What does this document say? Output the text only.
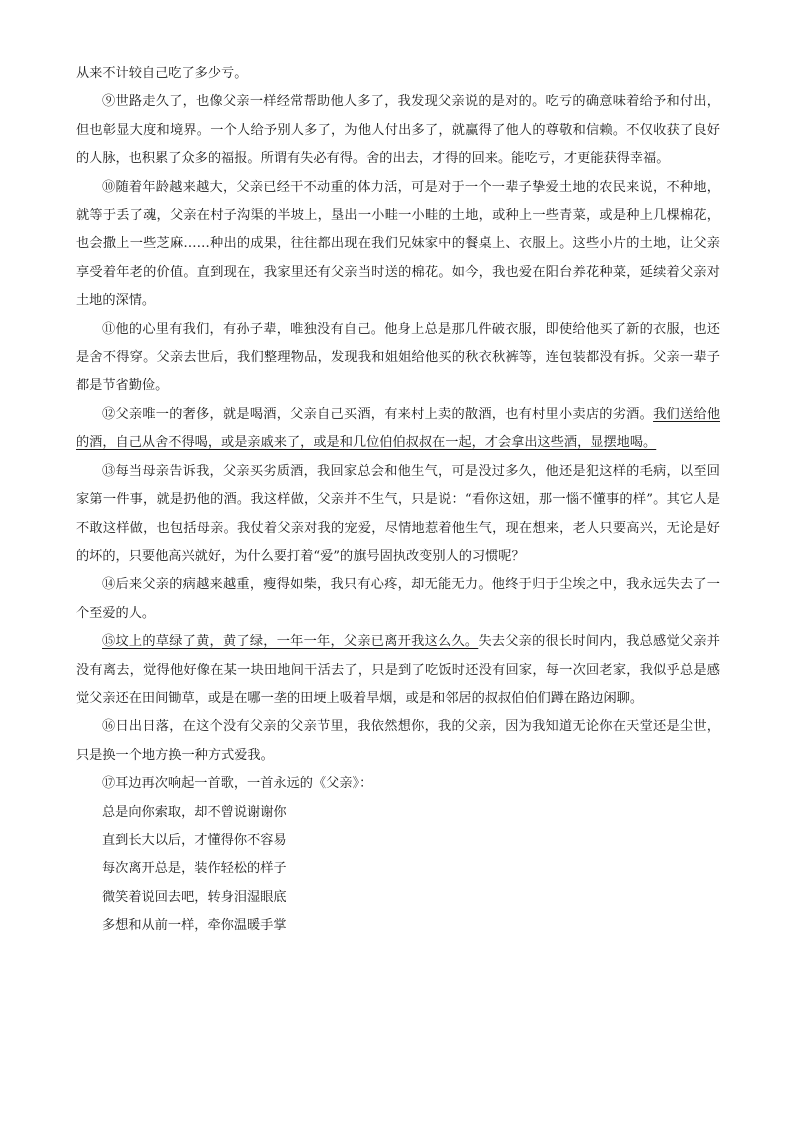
从来不计较自己吃了多少亏。

⑨世路走久了，也像父亲一样经常帮助他人多了，我发现父亲说的是对的。吃亏的确意味着给予和付出，但也彰显大度和境界。一个人给予别人多了，为他人付出多了，就赢得了他人的尊敬和信赖。不仅收获了良好的人脉，也积累了众多的福报。所谓有失必有得。舍的出去，才得的回来。能吃亏，才更能获得幸福。

⑩随着年龄越来越大，父亲已经干不动重的体力活，可是对于一个一辈子挚爱土地的农民来说，不种地，就等于丢了魂，父亲在村子沟渠的半坡上，垦出一小畦一小畦的土地，或种上一些青菜，或是种上几棵棉花，也会撒上一些芝麻……种出的成果，往往都出现在我们兄妹家中的餐桌上、衣服上。这些小片的土地，让父亲享受着年老的价值。直到现在，我家里还有父亲当时送的棉花。如今，我也爱在阳台养花种菜，延续着父亲对土地的深情。

⑪他的心里有我们，有孙子辈，唯独没有自己。他身上总是那几件破衣服，即使给他买了新的衣服，也还是舍不得穿。父亲去世后，我们整理物品，发现我和姐姐给他买的秋衣秋裤等，连包装都没有拆。父亲一辈子都是节省勤俭。

⑫父亲唯一的奢侈，就是喝酒，父亲自己买酒，有来村上卖的散酒，也有村里小卖店的劣酒。我们送给他的酒，自己从舍不得喝，或是亲戚来了，或是和几位伯伯叔叔在一起，才会拿出这些酒，显摆地喝。

⑬每当母亲告诉我，父亲买劣质酒，我回家总会和他生气，可是没过多久，他还是犯这样的毛病，以至回家第一件事，就是扔他的酒。我这样做，父亲并不生气，只是说：“看你这妞，那一惱不懂事的样”。其它人是不敢这样做，也包括母亲。我仗着父亲对我的宠爱，尽情地惹着他生气，现在想来，老人只要高兴，无论是好的坏的，只要他高兴就好，为什么要打着“爱”的旗号固执改变别人的习惯呢？

⑭后来父亲的病越来越重，瘦得如柴，我只有心疼，却无能无力。他终于归于尘埃之中，我永远失去了一个至爱的人。

⑮坟上的草绿了黄，黄了绿，一年一年，父亲已离开我这么久。失去父亲的很长时间内，我总感觉父亲并没有离去，觉得他好像在某一块田地间干活去了，只是到了吃饭时还没有回家，每一次回老家，我似乎总是感觉父亲还在田间锄草，或是在哪一垄的田埂上吸着旱烟，或是和邻居的叔叔伯伯们蹲在路边闲聊。

⑯日出日落，在这个没有父亲的父亲节里，我依然想你，我的父亲，因为我知道无论你在天堂还是尘世，只是换一个地方换一种方式爱我。

⑰耳边再次响起一首歌，一首永远的《父亲》：

总是向你索取，却不曾说谢谢你

直到长大以后，才懂得你不容易

每次离开总是，装作轻松的样子

微笑着说回去吧，转身泪湿眼底

多想和从前一样，牵你温暖手掌
